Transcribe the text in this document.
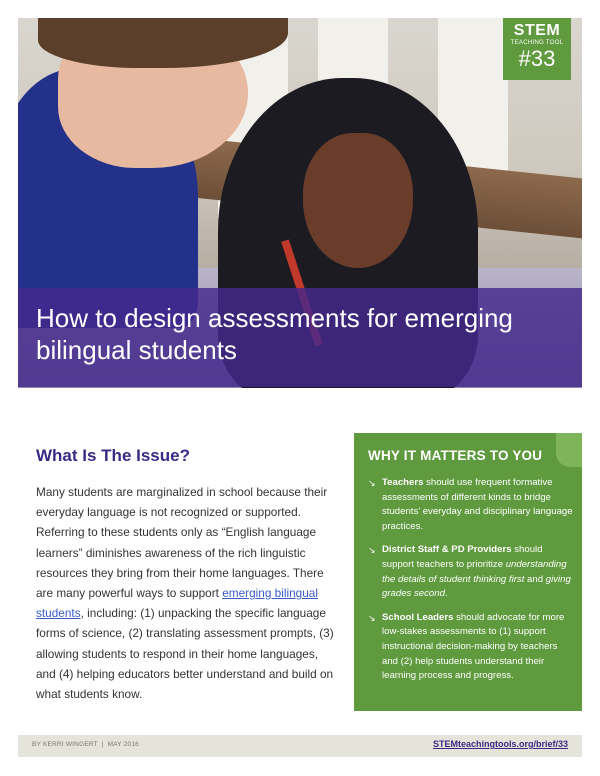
STEM
TEACHING TOOL
#33
How to design assessments for emerging bilingual students
What Is The Issue?

Many students are marginalized in school because their everyday language is not recognized or supported. Referring to these students only as “English language learners” diminishes awareness of the rich linguistic resources they bring from their home languages. There are many powerful ways to support emerging bilingual students, including: (1) unpacking the specific language forms of science, (2) translating assessment prompts, (3) allowing students to respond in their home languages, and (4) helping educators better understand and build on what students know.

WHY IT MATTERS TO YOU
↘ Teachers should use frequent formative assessments of different kinds to bridge students’ everyday and disciplinary language practices.
↘ District Staff & PD Providers should support teachers to prioritize understanding the details of student thinking first and giving grades second.
↘ School Leaders should advocate for more low-stakes assessments to (1) support instructional decision-making by teachers and (2) help students understand their learning process and progress.
BY KERRI WINGERT | MAY 2016	STEMteachingtools.org/brief/33
